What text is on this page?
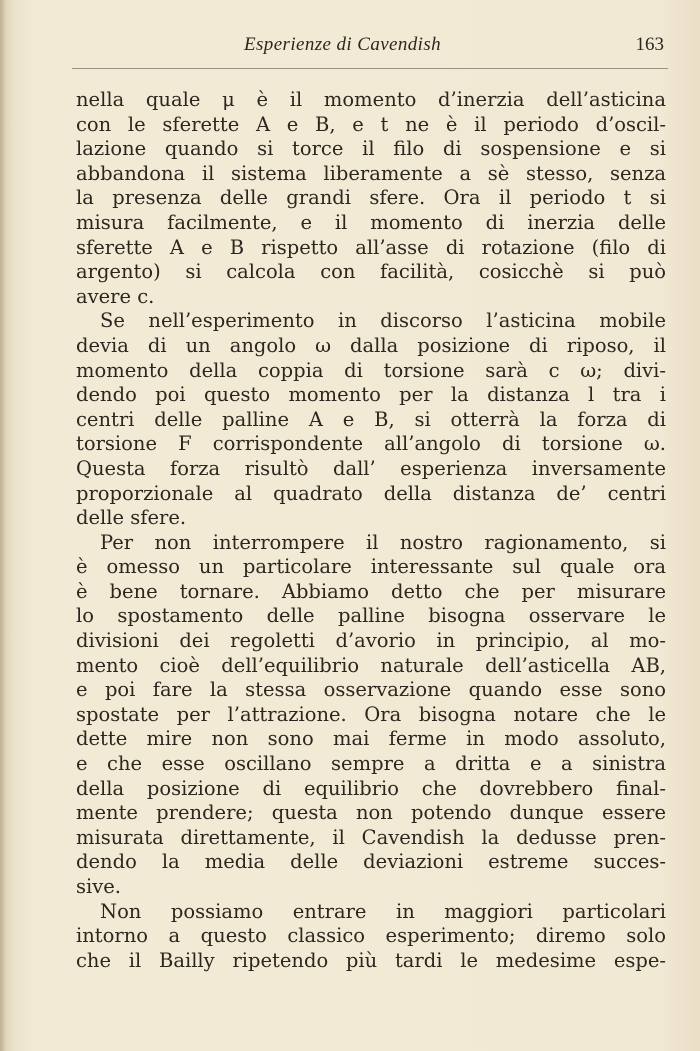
Esperienze di Cavendish	163
nella quale μ è il momento d’inerzia dell’asticina
con le sferette A e B, e t ne è il periodo d’oscil-
lazione quando si torce il filo di sospensione e si
abbandona il sistema liberamente a sè stesso, senza
la presenza delle grandi sfere. Ora il periodo t si
misura facilmente, e il momento di inerzia delle
sferette A e B rispetto all’asse di rotazione (filo di
argento) si calcola con facilità, cosicchè si può
avere c.
Se nell’esperimento in discorso l’asticina mobile
devia di un angolo ω dalla posizione di riposo, il
momento della coppia di torsione sarà c ω; divi-
dendo poi questo momento per la distanza l tra i
centri delle palline A e B, si otterrà la forza di
torsione F corrispondente all’angolo di torsione ω.
Questa forza risultò dall’ esperienza inversamente
proporzionale al quadrato della distanza de’ centri
delle sfere.
Per non interrompere il nostro ragionamento, si
è omesso un particolare interessante sul quale ora
è bene tornare. Abbiamo detto che per misurare
lo spostamento delle palline bisogna osservare le
divisioni dei regoletti d’avorio in principio, al mo-
mento cioè dell’equilibrio naturale dell’asticella AB,
e poi fare la stessa osservazione quando esse sono
spostate per l’attrazione. Ora bisogna notare che le
dette mire non sono mai ferme in modo assoluto,
e che esse oscillano sempre a dritta e a sinistra
della posizione di equilibrio che dovrebbero final-
mente prendere; questa non potendo dunque essere
misurata direttamente, il Cavendish la dedusse pren-
dendo la media delle deviazioni estreme succes-
sive.
Non possiamo entrare in maggiori particolari
intorno a questo classico esperimento; diremo solo
che il Bailly ripetendo più tardi le medesime espe-
